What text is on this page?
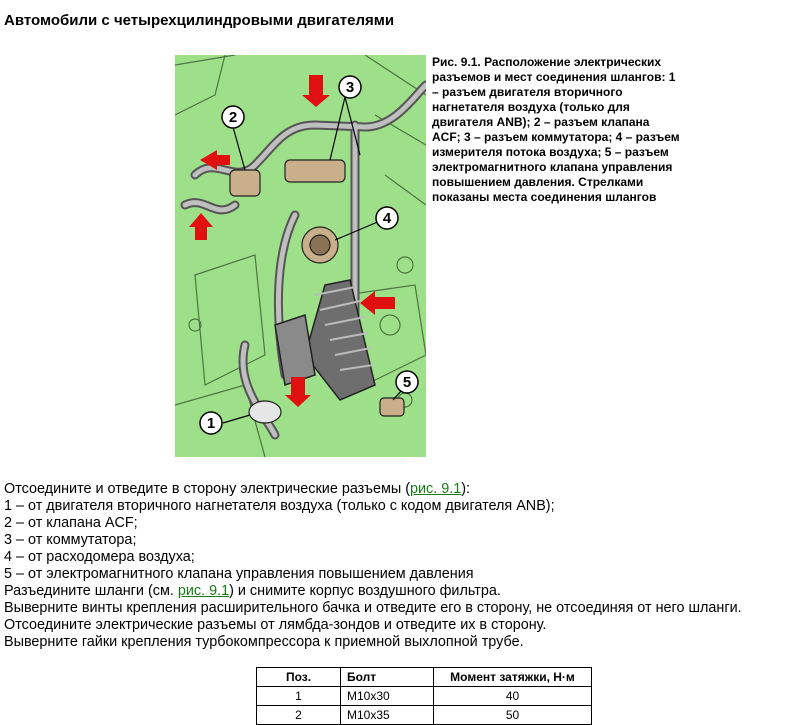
Автомобили с четырехцилиндровыми двигателями
1
2
3
4
5

Рис. 9.1. Расположение электрических разъемов и мест соединения шлангов: 1 – разъем двигателя вторичного нагнетателя воздуха (только для двигателя ANB); 2 – разъем клапана ACF; 3 – разъем коммутатора; 4 – разъем измерителя потока воздуха; 5 – разъем электромагнитного клапана управления повышением давления. Стрелками показаны места соединения шлангов

Отсоедините и отведите в сторону электрические разъемы (рис. 9.1):

1 – от двигателя вторичного нагнетателя воздуха (только с кодом двигателя ANB);

2 – от клапана ACF;

3 – от коммутатора;

4 – от расходомера воздуха;

5 – от электромагнитного клапана управления повышением давления

Разъедините шланги (см. рис. 9.1) и снимите корпус воздушного фильтра.

Выверните винты крепления расширительного бачка и отведите его в сторону, не отсоединяя от него шланги.

Отсоедините электрические разъемы от лямбда-зондов и отведите их в сторону.

Выверните гайки крепления турбокомпрессора к приемной выхлопной трубе.

Поз.	Болт	Момент затяжки, Н·м
1	M10x30	40
2	M10x35	50
